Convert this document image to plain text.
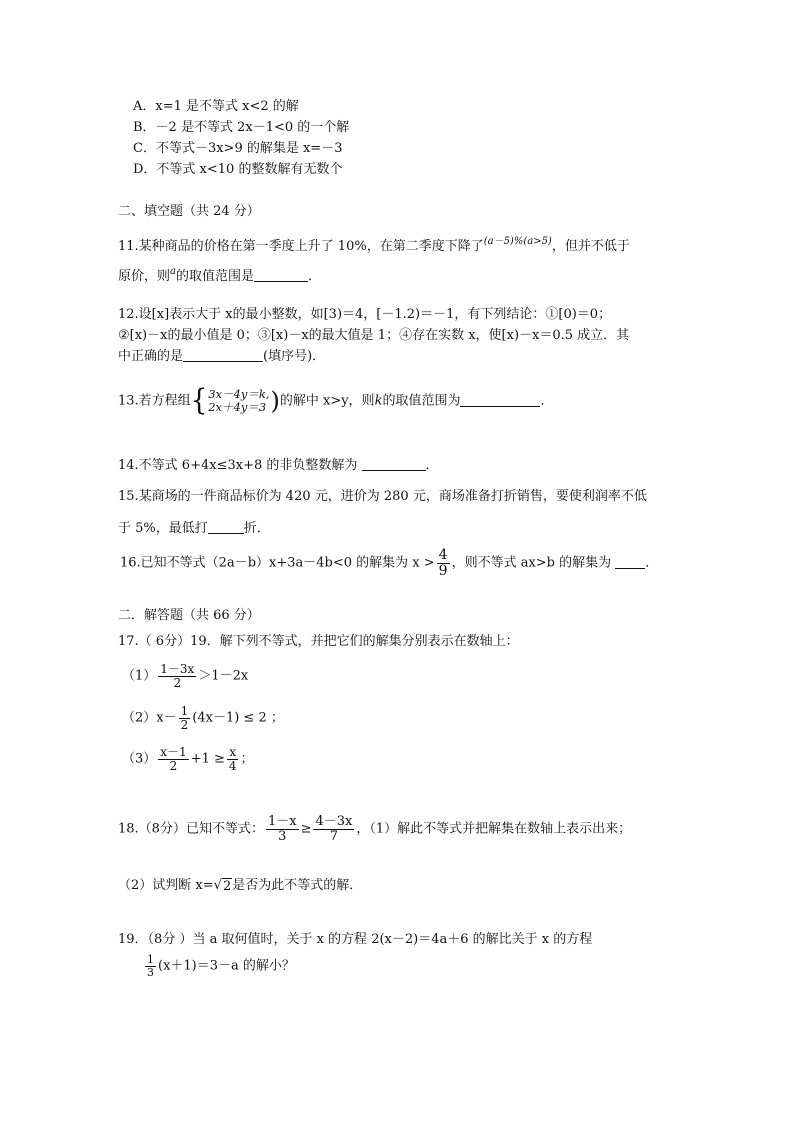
A．x=1 是不等式 x<2 的解
B．－2 是不等式 2x－1<0 的一个解
C．不等式－3x>9 的解集是 x=－3
D．不等式 x<10 的整数解有无数个
二、填空题（共 24 分）
11.某种商品的价格在第一季度上升了 10%，在第二季度下降了$^{(a-5)\%(a>5)}$，但并不低于
原价，则$^a$的取值范围是	．
12.设[x]表示大于 x的最小整数，如[3)＝4，[－1.2)＝－1，有下列结论：①[0)＝0；
②[x)－x的最小值是 0；③[x)－x的最大值是 1；④存在实数 x，使[x)－x＝0.5 成立．其
中正确的是	(填序号)．
13.若方程组 { 3x－4y＝k,
2x＋4y＝3 ) 的解中 x>y，则k的取值范围为	．
14.不等式 6+4x≤3x+8 的非负整数解为	．
15.某商场的一件商品标价为 420 元，进价为 280 元，商场准备打折销售，要使利润率不低
于 5%，最低打	折．
16.已知不等式（2a－b）x+3a－4b<0 的解集为 $x > \frac{4}{9}$ ，则不等式 ax>b 的解集为	．
二．解答题（共 66 分）
17.（ 6分）19．解下列不等式，并把它们的解集分别表示在数轴上：
$(1) \frac{1-3x}{2} >1-2x$
$(2)x- \frac{1}{2} (4x-1) \le 2$ ；
$(3) \frac{x-1}{2} +1 \ge \frac{x}{4}$ ；
18.（8分）已知不等式： $\frac{1-x}{3} \ge \frac{4-3x}{7}$ ，（1）解此不等式并把解集在数轴上表示出来；
（2）试判断 x= √ 2 是否为此不等式的解．
19．（8分 ）当 a 取何值时，关于 x 的方程 2(x－2)＝4a＋6 的解比关于 x 的方程
$\frac{1}{3} (x+1)=3-a$ 的解小？
